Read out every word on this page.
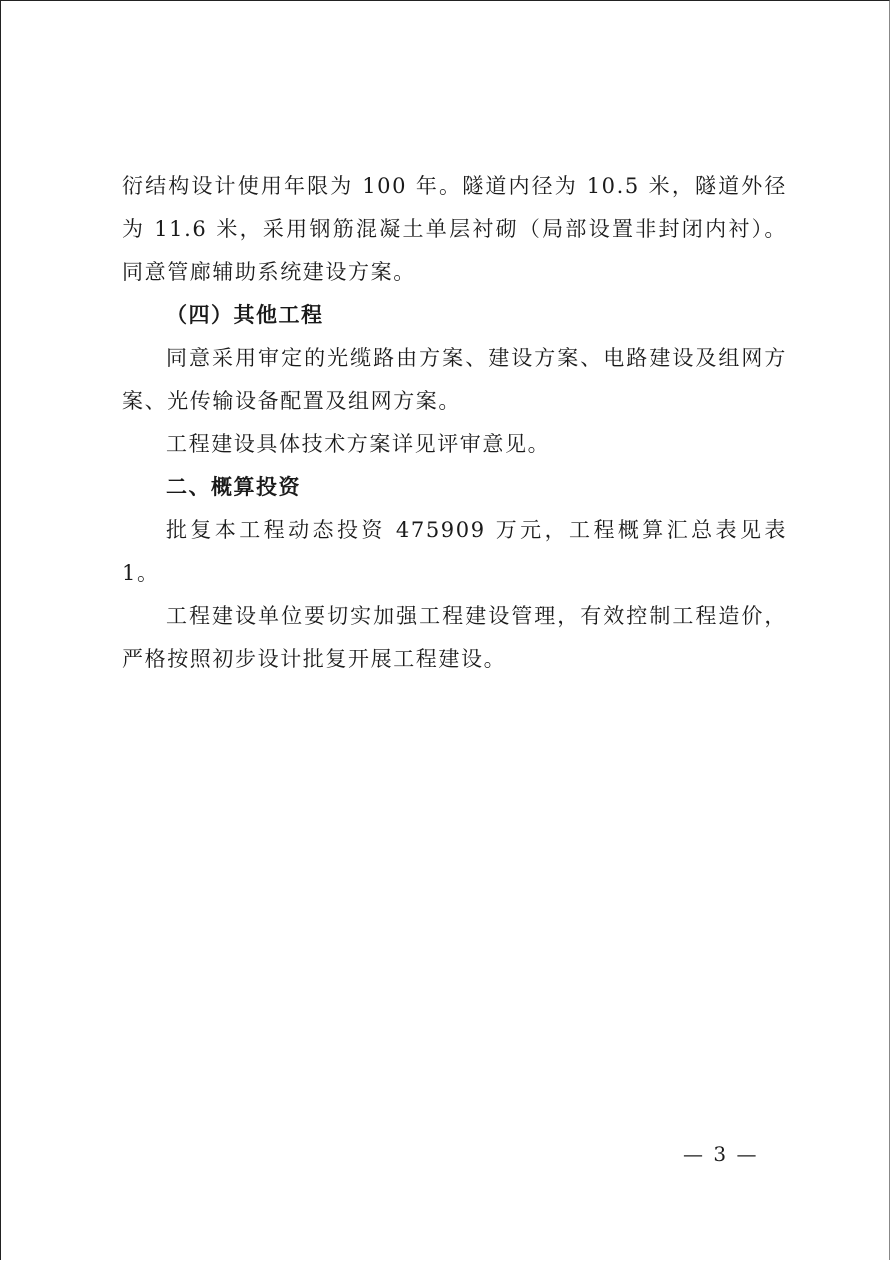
衍结构设计使用年限为 100 年。隧道内径为 10.5 米，隧道外径为 11.6 米，采用钢筋混凝土单层衬砌（局部设置非封闭内衬）。同意管廊辅助系统建设方案。

（四）其他工程

同意采用审定的光缆路由方案、建设方案、电路建设及组网方案、光传输设备配置及组网方案。

工程建设具体技术方案详见评审意见。

二、概算投资

批复本工程动态投资 475909 万元，工程概算汇总表见表 1。

工程建设单位要切实加强工程建设管理，有效控制工程造价，严格按照初步设计批复开展工程建设。

— 3 —
